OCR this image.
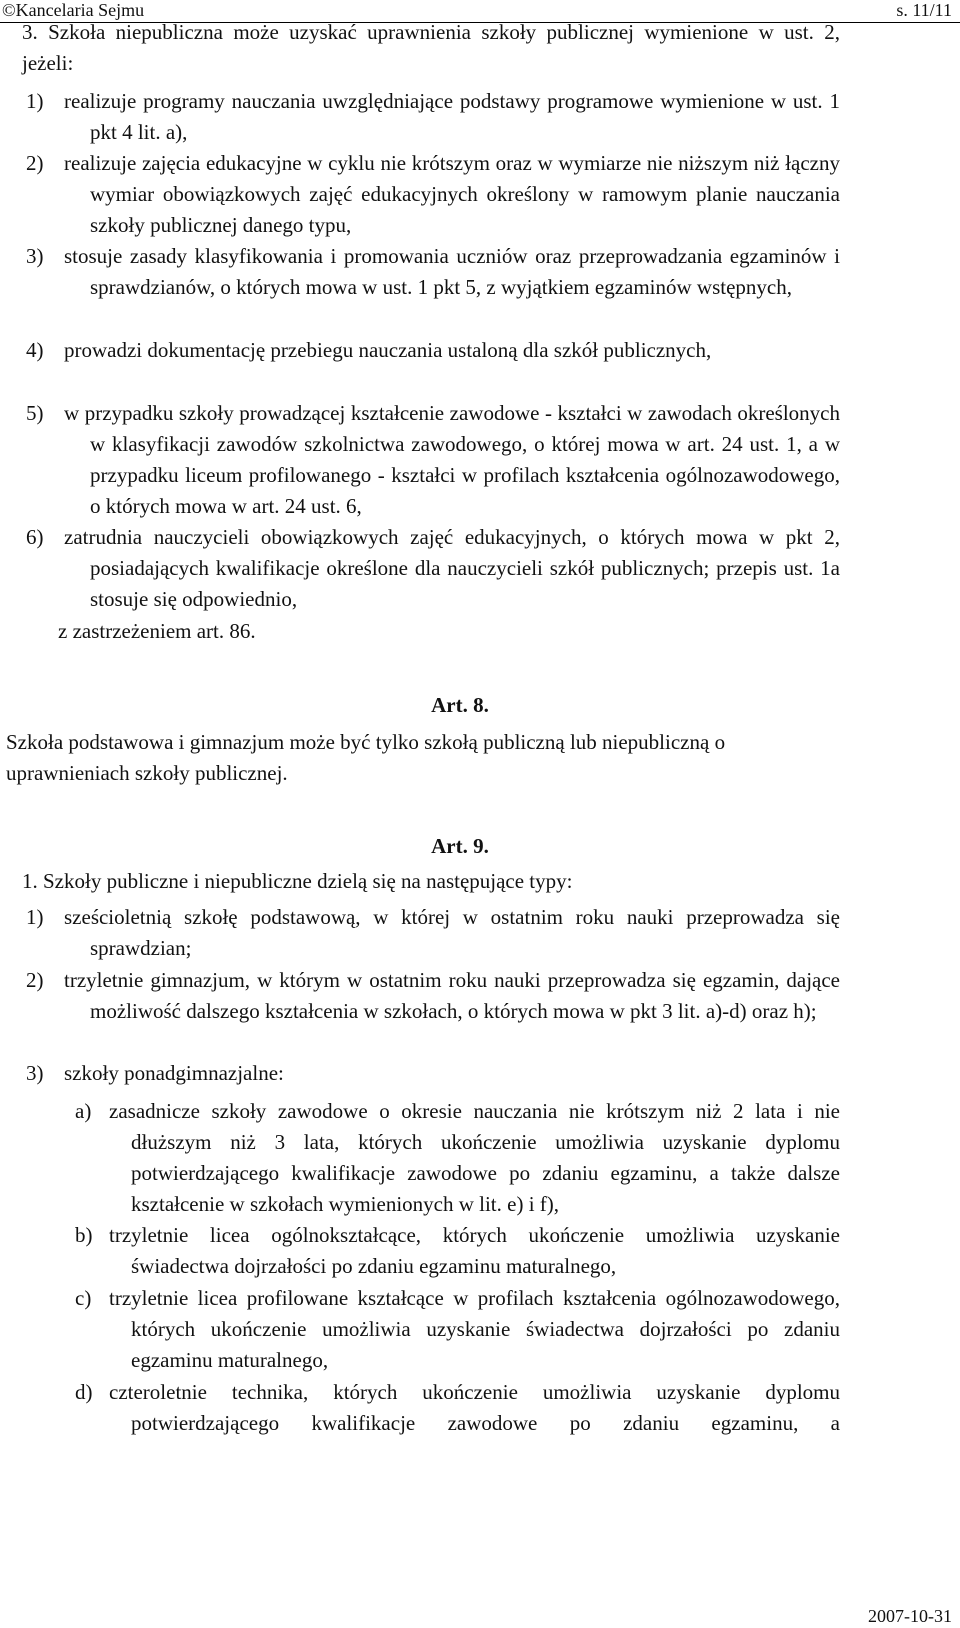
©Kancelaria Sejmu	s. 11/11

3. Szkoła niepubliczna może uzyskać uprawnienia szkoły publicznej wymienione w ust. 2, jeżeli:

1) realizuje programy nauczania uwzględniające podstawy programowe wymienione w ust. 1 pkt 4 lit. a),

2) realizuje zajęcia edukacyjne w cyklu nie krótszym oraz w wymiarze nie niższym niż łączny wymiar obowiązkowych zajęć edukacyjnych określony w ramowym planie nauczania szkoły publicznej danego typu,

3) stosuje zasady klasyfikowania i promowania uczniów oraz przeprowadzania egzaminów i sprawdzianów, o których mowa w ust. 1 pkt 5, z wyjątkiem egzaminów wstępnych,

4) prowadzi dokumentację przebiegu nauczania ustaloną dla szkół publicznych,

5) w przypadku szkoły prowadzącej kształcenie zawodowe - kształci w zawodach określonych w klasyfikacji zawodów szkolnictwa zawodowego, o której mowa w art. 24 ust. 1, a w przypadku liceum profilowanego - kształci w profilach kształcenia ogólnozawodowego, o których mowa w art. 24 ust. 6,

6) zatrudnia nauczycieli obowiązkowych zajęć edukacyjnych, o których mowa w pkt 2, posiadających kwalifikacje określone dla nauczycieli szkół publicznych; przepis ust. 1a stosuje się odpowiednio,

z zastrzeżeniem art. 86.

Art. 8.

Szkoła podstawowa i gimnazjum może być tylko szkołą publiczną lub niepubliczną o uprawnieniach szkoły publicznej.

Art. 9.

1. Szkoły publiczne i niepubliczne dzielą się na następujące typy:

1) sześcioletnią szkołę podstawową, w której w ostatnim roku nauki przeprowadza się sprawdzian;

2) trzyletnie gimnazjum, w którym w ostatnim roku nauki przeprowadza się egzamin, dające możliwość dalszego kształcenia w szkołach, o których mowa w pkt 3 lit. a)-d) oraz h);

3) szkoły ponadgimnazjalne:

a) zasadnicze szkoły zawodowe o okresie nauczania nie krótszym niż 2 lata i nie dłuższym niż 3 lata, których ukończenie umożliwia uzyskanie dyplomu potwierdzającego kwalifikacje zawodowe po zdaniu egzaminu, a także dalsze kształcenie w szkołach wymienionych w lit. e) i f),

b) trzyletnie licea ogólnokształcące, których ukończenie umożliwia uzyskanie świadectwa dojrzałości po zdaniu egzaminu maturalnego,

c) trzyletnie licea profilowane kształcące w profilach kształcenia ogólnozawodowego, których ukończenie umożliwia uzyskanie świadectwa dojrzałości po zdaniu egzaminu maturalnego,

d) czteroletnie technika, których ukończenie umożliwia uzyskanie dyplomu potwierdzającego kwalifikacje zawodowe po zdaniu egzaminu, a

2007-10-31
